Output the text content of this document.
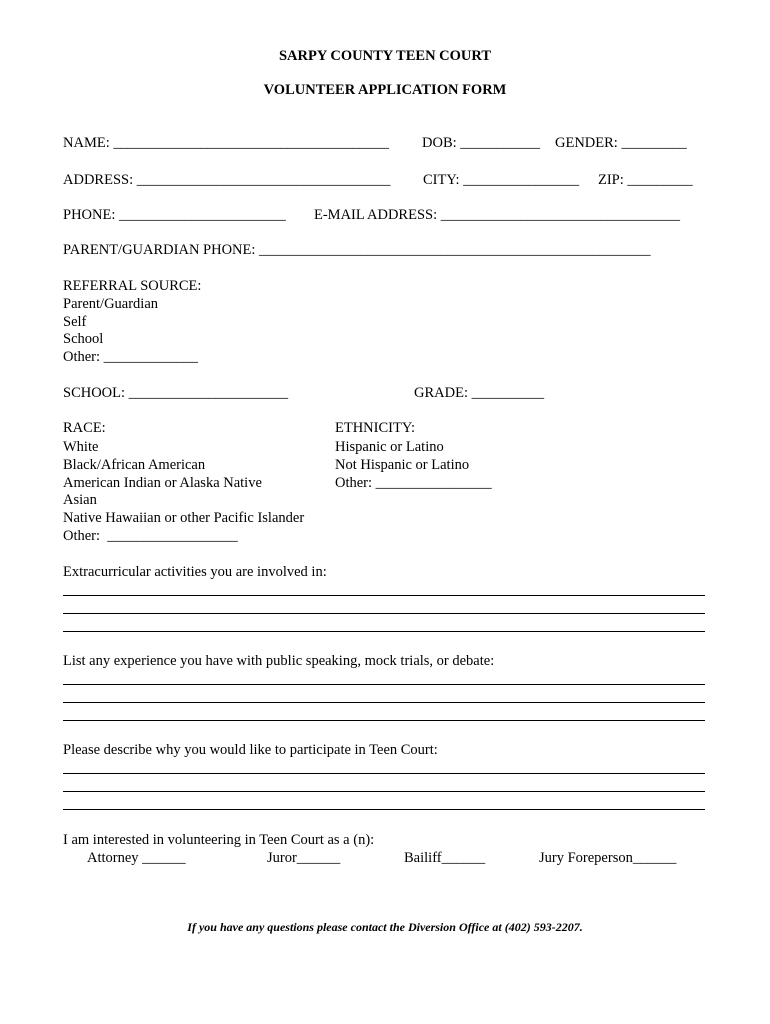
SARPY COUNTY TEEN COURT
VOLUNTEER APPLICATION FORM
NAME: ______________________________________ DOB: ___________ GENDER: _________
ADDRESS: ___________________________________ CITY: ________________ ZIP: _________
PHONE: _______________________ E-MAIL ADDRESS: _________________________________
PARENT/GUARDIAN PHONE: ______________________________________________________
REFERRAL SOURCE:
Parent/Guardian
Self
School
Other: _____________
SCHOOL: ______________________	GRADE: __________
RACE:
White
Black/African American
American Indian or Alaska Native
Asian
Native Hawaiian or other Pacific Islander
Other:  __________________
ETHNICITY:
Hispanic or Latino
Not Hispanic or Latino
Other: ________________
Extracurricular activities you are involved in:
List any experience you have with public speaking, mock trials, or debate:
Please describe why you would like to participate in Teen Court:
I am interested in volunteering in Teen Court as a (n):
Attorney ______	Juror______	Bailiff______	Jury Foreperson______
If you have any questions please contact the Diversion Office at (402) 593-2207.
